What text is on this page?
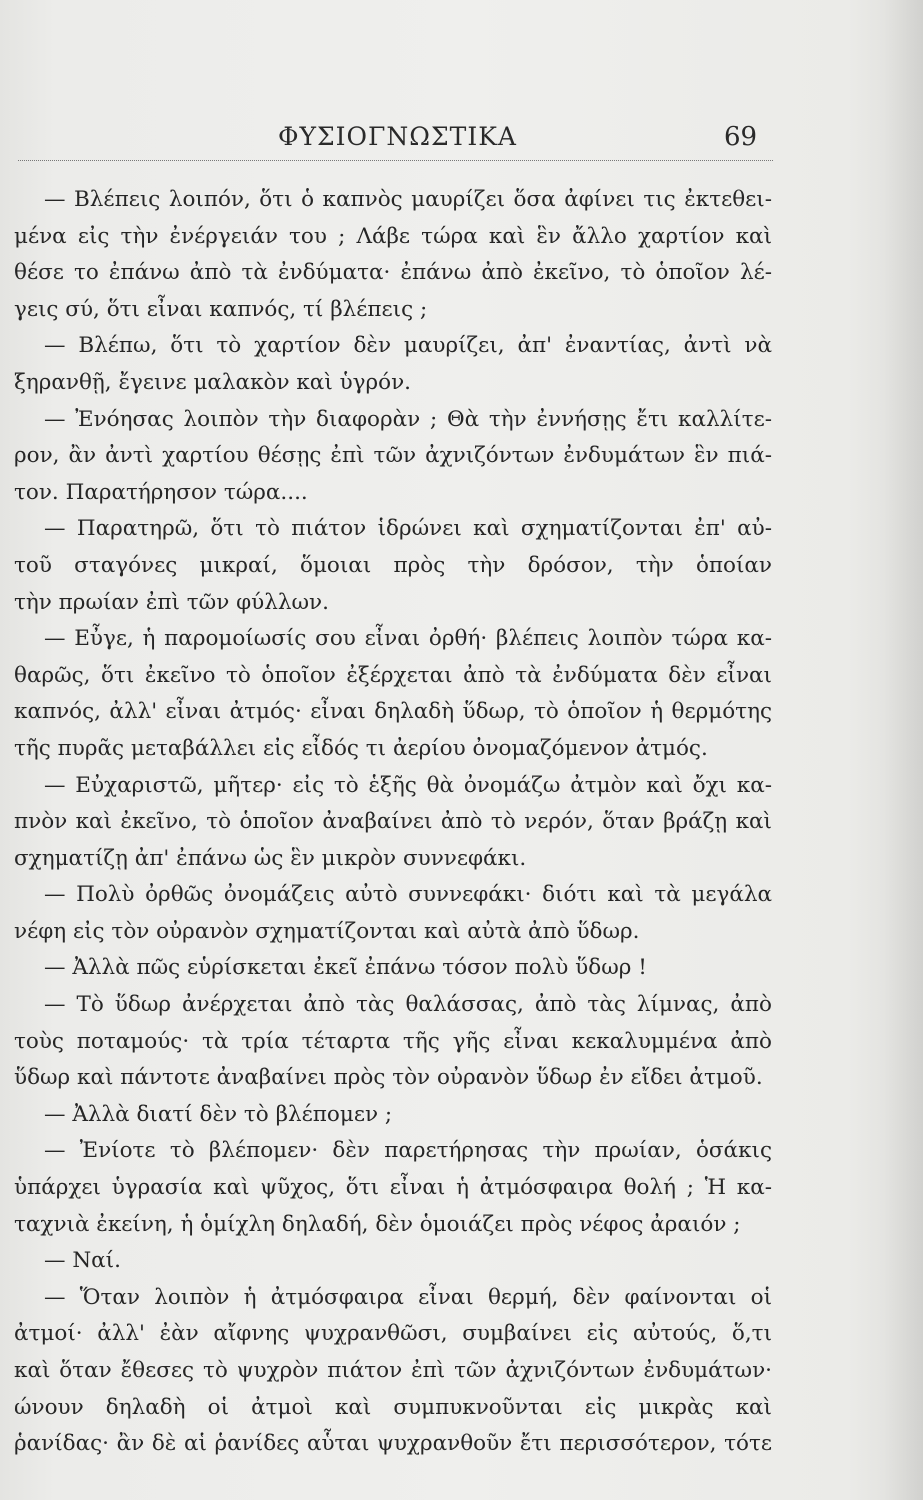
ΦΥΣΙΟΓΝΩΣΤΙΚΑ	69
— Βλέπεις λοιπόν, ὅτι ὁ καπνὸς μαυρίζει ὅσα ἀφίνει τις ἐκτεθει-
μένα εἰς τὴν ἐνέργειάν του ; Λάβε τώρα καὶ ἓν ἄλλο χαρτίον καὶ
θέσε το ἐπάνω ἀπὸ τὰ ἐνδύματα· ἐπάνω ἀπὸ ἐκεῖνο, τὸ ὁποῖον λέ-
γεις σύ, ὅτι εἶναι καπνός, τί βλέπεις ;
— Βλέπω, ὅτι τὸ χαρτίον δὲν μαυρίζει, ἀπ' ἐναντίας, ἀντὶ νὰ
ξηρανθῇ, ἔγεινε μαλακὸν καὶ ὑγρόν.
— Ἐνόησας λοιπὸν τὴν διαφορὰν ; Θὰ τὴν ἐννήσῃς ἔτι καλλίτε-
ρον, ἂν ἀντὶ χαρτίου θέσῃς ἐπὶ τῶν ἀχνιζόντων ἐνδυμάτων ἓν πιά-
τον. Παρατήρησον τώρα....
— Παρατηρῶ, ὅτι τὸ πιάτον ἱδρώνει καὶ σχηματίζονται ἐπ' αὐ-
τοῦ σταγόνες μικραί, ὅμοιαι πρὸς τὴν δρόσον, τὴν ὁποίαν
τὴν πρωίαν ἐπὶ τῶν φύλλων.
— Εὖγε, ἡ παρομοίωσίς σου εἶναι ὀρθή· βλέπεις λοιπὸν τώρα κα-
θαρῶς, ὅτι ἐκεῖνο τὸ ὁποῖον ἐξέρχεται ἀπὸ τὰ ἐνδύματα δὲν εἶναι
καπνός, ἀλλ' εἶναι ἀτμός· εἶναι δηλαδὴ ὕδωρ, τὸ ὁποῖον ἡ θερμότης
τῆς πυρᾶς μεταβάλλει εἰς εἶδός τι ἀερίου ὀνομαζόμενον ἀτμός.
— Εὐχαριστῶ, μῆτερ· εἰς τὸ ἑξῆς θὰ ὀνομάζω ἀτμὸν καὶ ὄχι κα-
πνὸν καὶ ἐκεῖνο, τὸ ὁποῖον ἀναβαίνει ἀπὸ τὸ νερόν, ὅταν βράζῃ καὶ
σχηματίζῃ ἀπ' ἐπάνω ὡς ἓν μικρὸν συννεφάκι.
— Πολὺ ὀρθῶς ὀνομάζεις αὐτὸ συννεφάκι· διότι καὶ τὰ μεγάλα
νέφη εἰς τὸν οὐρανὸν σχηματίζονται καὶ αὐτὰ ἀπὸ ὕδωρ.
— Ἀλλὰ πῶς εὑρίσκεται ἐκεῖ ἐπάνω τόσον πολὺ ὕδωρ !
— Τὸ ὕδωρ ἀνέρχεται ἀπὸ τὰς θαλάσσας, ἀπὸ τὰς λίμνας, ἀπὸ
τοὺς ποταμούς· τὰ τρία τέταρτα τῆς γῆς εἶναι κεκαλυμμένα ἀπὸ
ὕδωρ καὶ πάντοτε ἀναβαίνει πρὸς τὸν οὐρανὸν ὕδωρ ἐν εἴδει ἀτμοῦ.
— Ἀλλὰ διατί δὲν τὸ βλέπομεν ;
— Ἐνίοτε τὸ βλέπομεν· δὲν παρετήρησας τὴν πρωίαν, ὁσάκις
ὑπάρχει ὑγρασία καὶ ψῦχος, ὅτι εἶναι ἡ ἀτμόσφαιρα θολή ; Ἡ κα-
ταχνιὰ ἐκείνη, ἡ ὁμίχλη δηλαδή, δὲν ὁμοιάζει πρὸς νέφος ἀραιόν ;
— Ναί.
— Ὅταν λοιπὸν ἡ ἀτμόσφαιρα εἶναι θερμή, δὲν φαίνονται οἱ
ἀτμοί· ἀλλ' ἐὰν αἴφνης ψυχρανθῶσι, συμβαίνει εἰς αὐτούς, ὅ,τι
καὶ ὅταν ἔθεσες τὸ ψυχρὸν πιάτον ἐπὶ τῶν ἀχνιζόντων ἐνδυμάτων·
ώνουν δηλαδὴ οἱ ἀτμοὶ καὶ συμπυκνοῦνται εἰς μικρὰς καὶ
ῥανίδας· ἂν δὲ αἱ ῥανίδες αὗται ψυχρανθοῦν ἔτι περισσότερον, τότε
